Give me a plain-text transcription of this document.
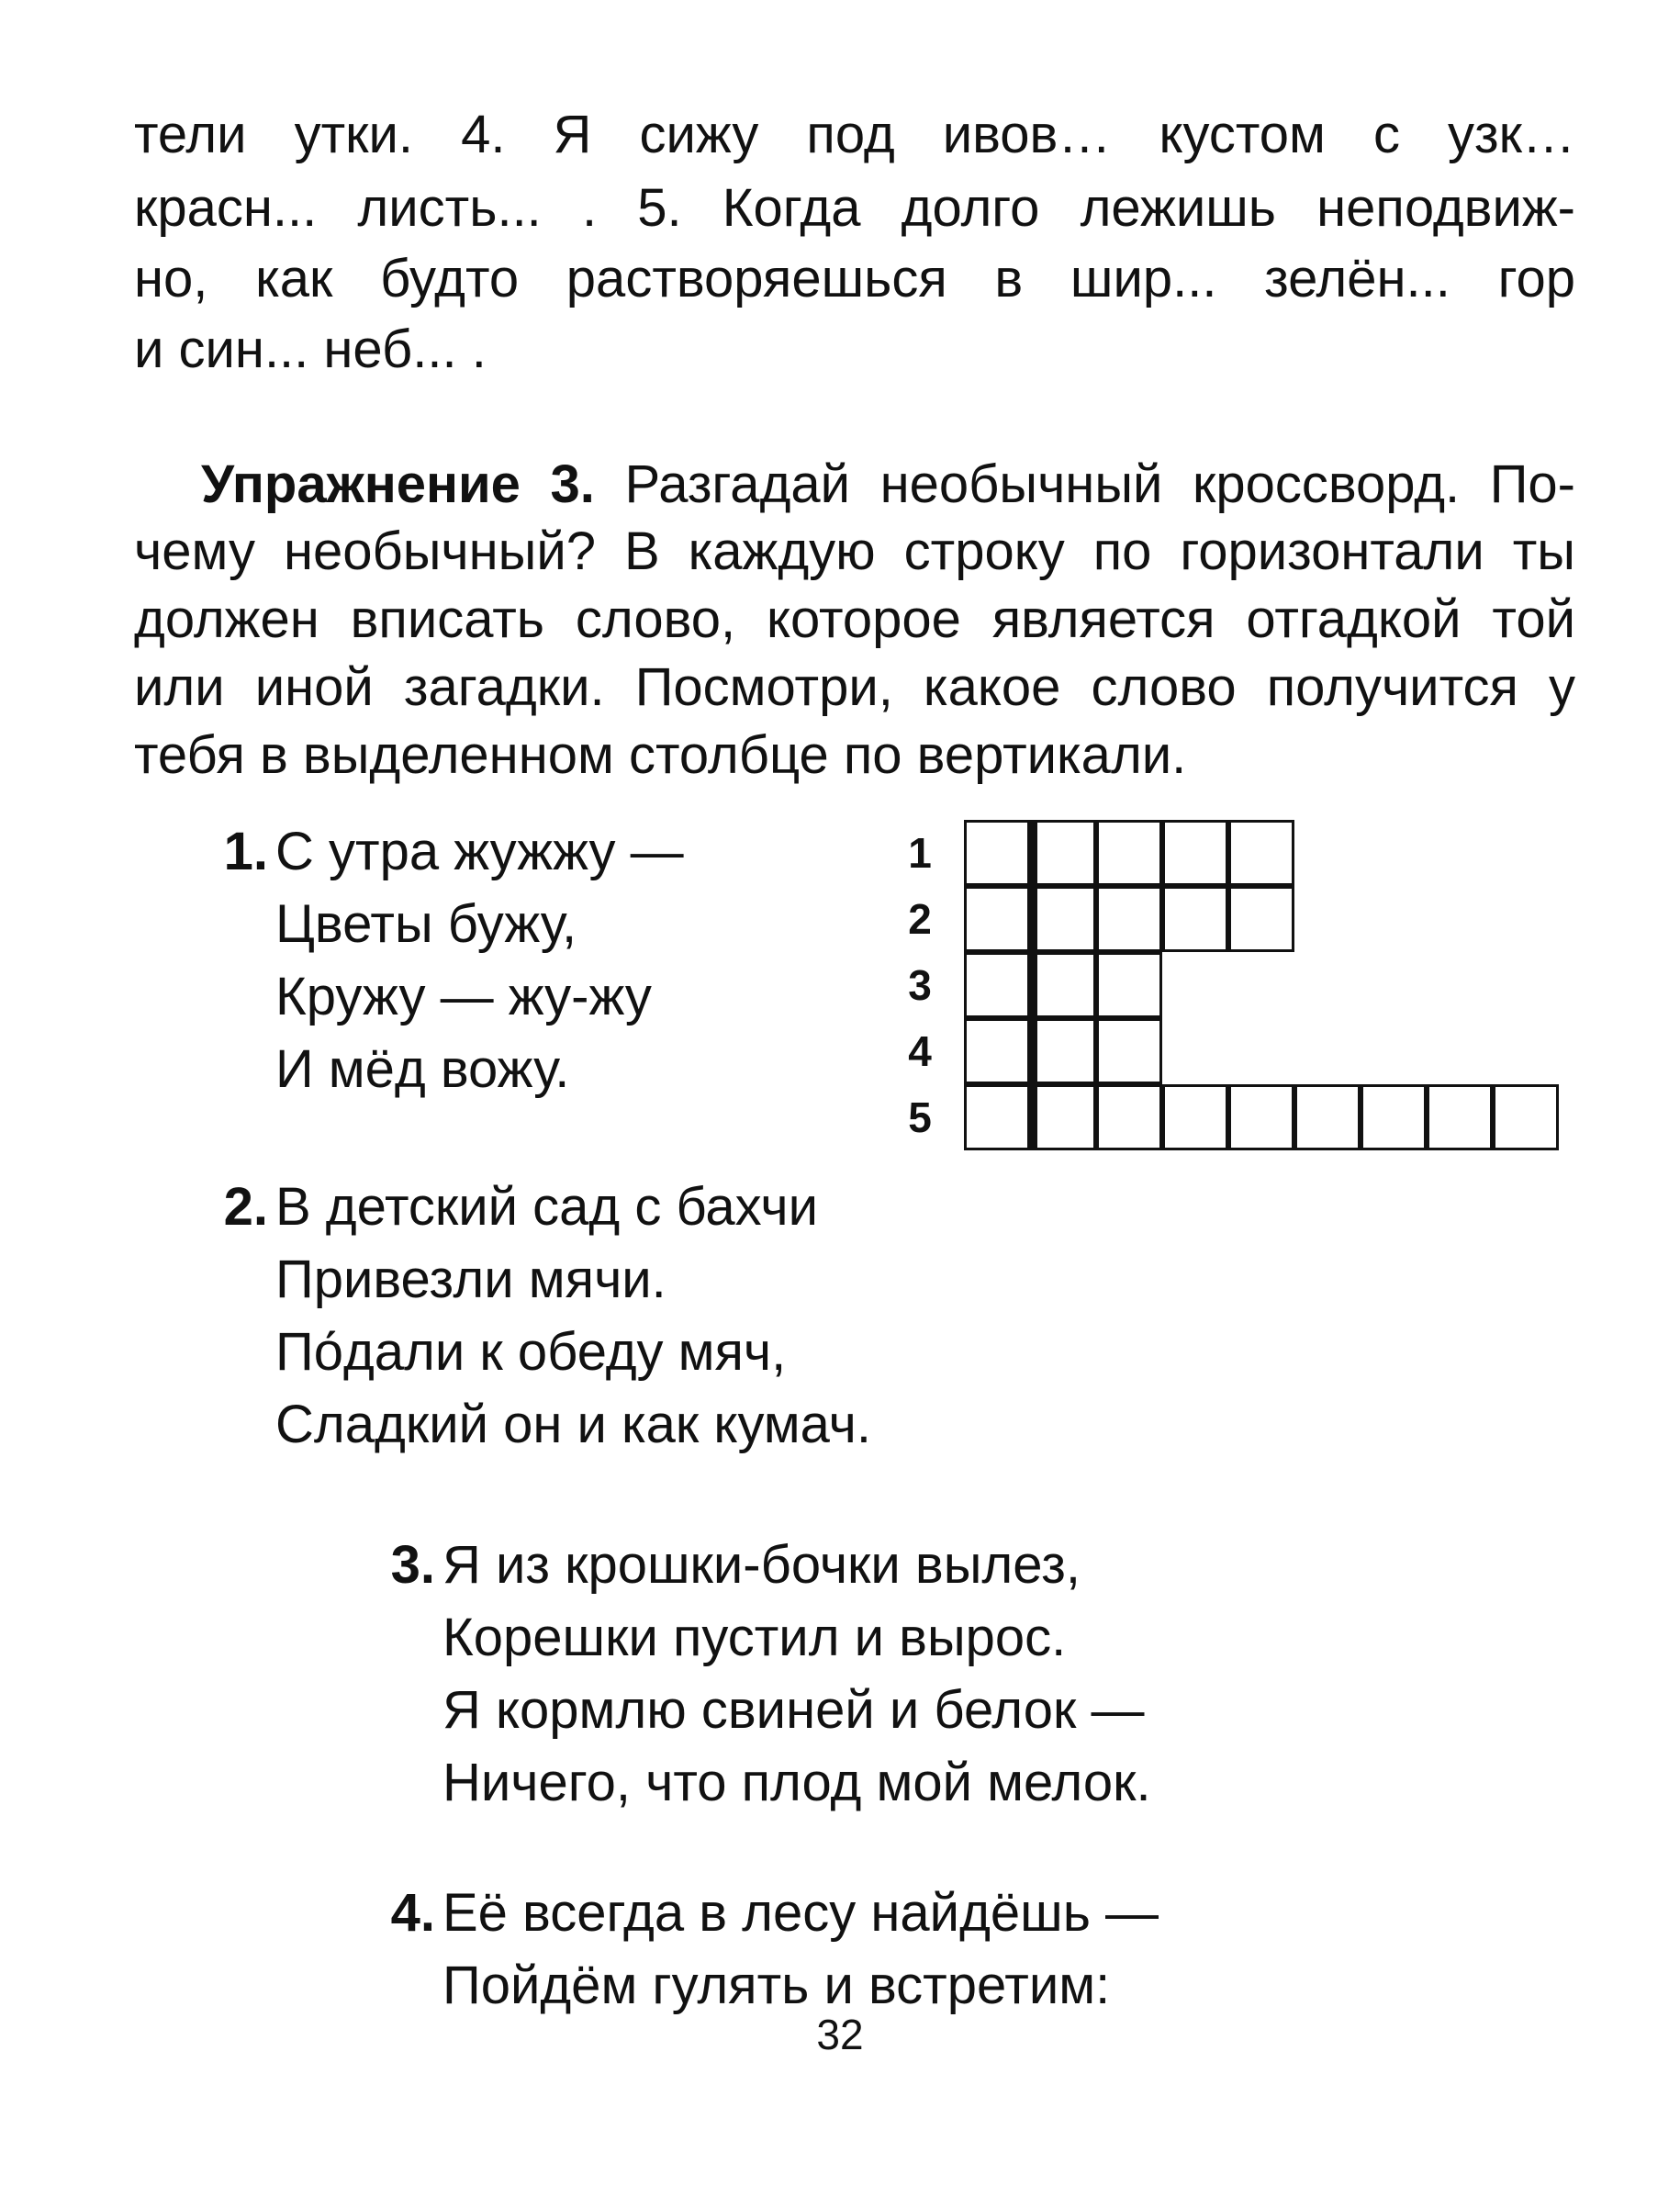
тели утки. 4. Я сижу под ивов… кустом с узк…
красн... листь... . 5. Когда долго лежишь неподвиж-
но, как будто растворяешься в шир... зелён... гор
и син... неб... .
Упражнение 3. Разгадай необычный кроссворд. По-
чему необычный? В каждую строку по горизонтали ты
должен вписать слово, которое является отгадкой той
или иной загадки. Посмотри, какое слово получится у
тебя в выделенном столбце по вертикали.
1. С утра жужжу —
Цветы бужу,
Кружу — жу-жу
И мёд вожу.
1
2
3
4
5
2. В детский сад с бахчи
Привезли мячи.
По́дали к обеду мяч,
Сладкий он и как кумач.
3. Я из крошки-бочки вылез,
Корешки пустил и вырос.
Я кормлю свиней и белок —
Ничего, что плод мой мелок.
4. Её всегда в лесу найдёшь —
Пойдём гулять и встретим:
32
